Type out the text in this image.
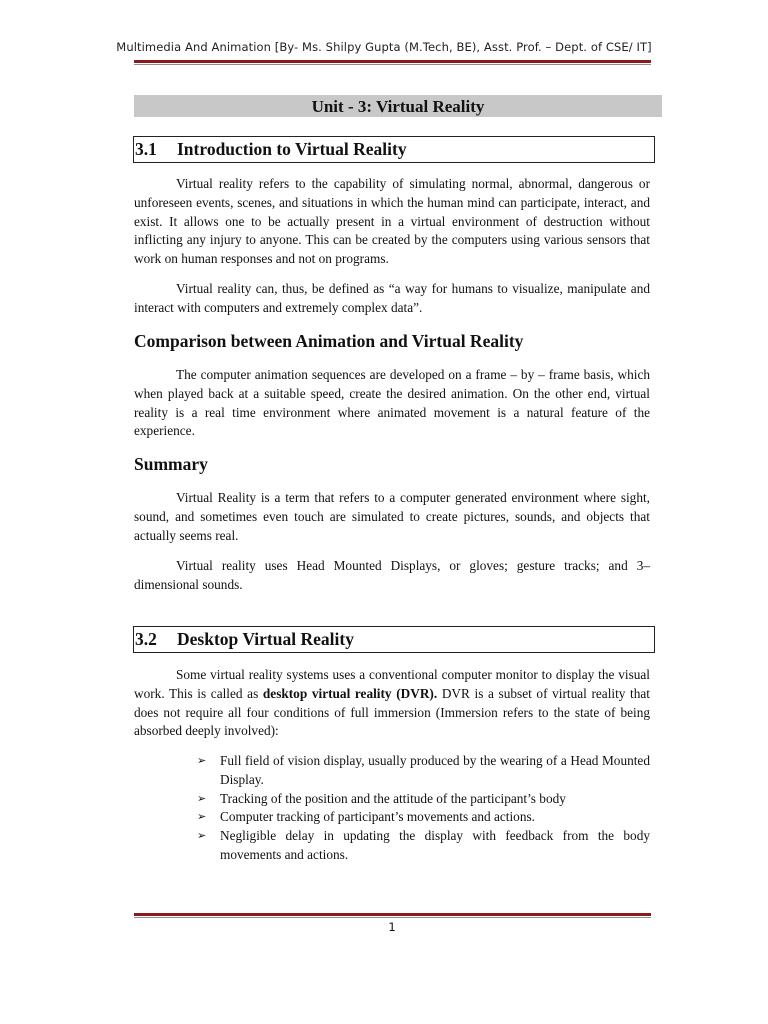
Multimedia And Animation [By- Ms. Shilpy Gupta (M.Tech, BE), Asst. Prof. – Dept. of CSE/ IT]
Unit - 3: Virtual Reality
3.1 Introduction to Virtual Reality

Virtual reality refers to the capability of simulating normal, abnormal, dangerous or unforeseen events, scenes, and situations in which the human mind can participate, interact, and exist. It allows one to be actually present in a virtual environment of destruction without inflicting any injury to anyone. This can be created by the computers using various sensors that work on human responses and not on programs.

Virtual reality can, thus, be defined as “a way for humans to visualize, manipulate and interact with computers and extremely complex data”.

Comparison between Animation and Virtual Reality

The computer animation sequences are developed on a frame – by – frame basis, which when played back at a suitable speed, create the desired animation. On the other end, virtual reality is a real time environment where animated movement is a natural feature of the experience.

Summary

Virtual Reality is a term that refers to a computer generated environment where sight, sound, and sometimes even touch are simulated to create pictures, sounds, and objects that actually seems real.

Virtual reality uses Head Mounted Displays, or gloves; gesture tracks; and 3–dimensional sounds.

3.2 Desktop Virtual Reality

Some virtual reality systems uses a conventional computer monitor to display the visual work. This is called as desktop virtual reality (DVR). DVR is a subset of virtual reality that does not require all four conditions of full immersion (Immersion refers to the state of being absorbed deeply involved):

➢ Full field of vision display, usually produced by the wearing of a Head Mounted Display.
➢ Tracking of the position and the attitude of the participant’s body
➢ Computer tracking of participant’s movements and actions.
➢ Negligible delay in updating the display with feedback from the body movements and actions.
1
